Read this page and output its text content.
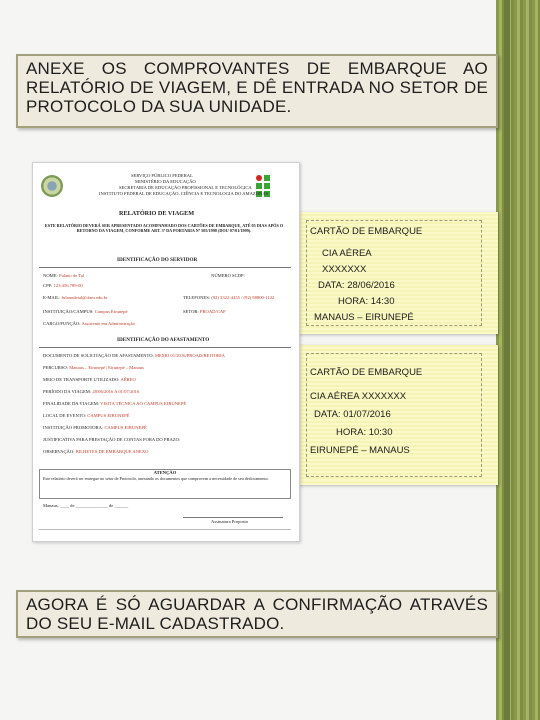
ANEXE OS COMPROVANTES DE EMBARQUE AO
RELATÓRIO DE VIAGEM, E DÊ ENTRADA NO SETOR DE
PROTOCOLO DA SUA UNIDADE.
CARTÃO DE EMBARQUE
CIA AÉREA
XXXXXXX
DATA: 28/06/2016
HORA: 14:30
MANAUS – EIRUNEPÉ
CARTÃO DE EMBARQUE
CIA AÉREA XXXXXXX
DATA: 01/07/2016
HORA: 10:30
EIRUNEPÉ – MANAUS
SERVIÇO PÚBLICO FEDERAL
MINISTÉRIO DA EDUCAÇÃO
SECRETARIA DE EDUCAÇÃO PROFISSIONAL E TECNOLÓGICA
INSTITUTO FEDERAL DE EDUCAÇÃO, CIÊNCIA E TECNOLOGIA DO AMAZONAS
RELATÓRIO DE VIAGEM
ESTE RELATÓRIO DEVERÁ SER APRESENTADO ACOMPANHADO DOS CARTÕES DE EMBARQUE, ATÉ 05 DIAS APÓS O RETORNO DA VIAGEM, CONFORME ART. 3º DA PORTARIA Nº 505/1998 (DOU 07/01/1999).
IDENTIFICAÇÃO DO SERVIDOR
NOME: Fulano de Tal	NÚMERO SCDP:
CPF: 123.456.789-00
E-MAIL: fulanodetal@ifam.edu.br	TELEFONES: (92) 3322-4455 / (92) 98800-1122
INSTITUIÇÃO/CAMPUS: Campus Eirunepé	SETOR: PROAD/CAF
CARGO/FUNÇÃO: Assistente em Administração
IDENTIFICAÇÃO DO AFASTAMENTO
DOCUMENTO DE SOLICITAÇÃO DE AFASTAMENTO: MEMO 01/2016/PROAD/REITORIA
PERCURSO: Manaus – Eirunepé | Eirunepé – Manaus
MEIO DE TRANSPORTE UTILIZADO: AÉREO
PERÍODO DA VIAGEM: 28/06/2016 A 01/07/2016
FINALIDADE DA VIAGEM: VISITA TÉCNICA AO CAMPUS EIRUNEPÉ
LOCAL DE EVENTO: CAMPUS EIRUNEPÉ
INSTITUIÇÃO PROMOTORA: CAMPUS EIRUNEPÉ
JUSTIFICATIVA PARA PRESTAÇÃO DE CONTAS FORA DO PRAZO:
OBSERVAÇÃO: BILHETES DE EMBARQUE ANEXO
ATENÇÃO
Este relatório deverá ser entregue no setor de Protocolo, anexando os documentos que comprovem a necessidade de seu deslocamento.
Manaus, ____ de ______________ de ______
Assinatura Proposto
AGORA É SÓ AGUARDAR A CONFIRMAÇÃO ATRAVÉS
DO SEU E-MAIL CADASTRADO.
